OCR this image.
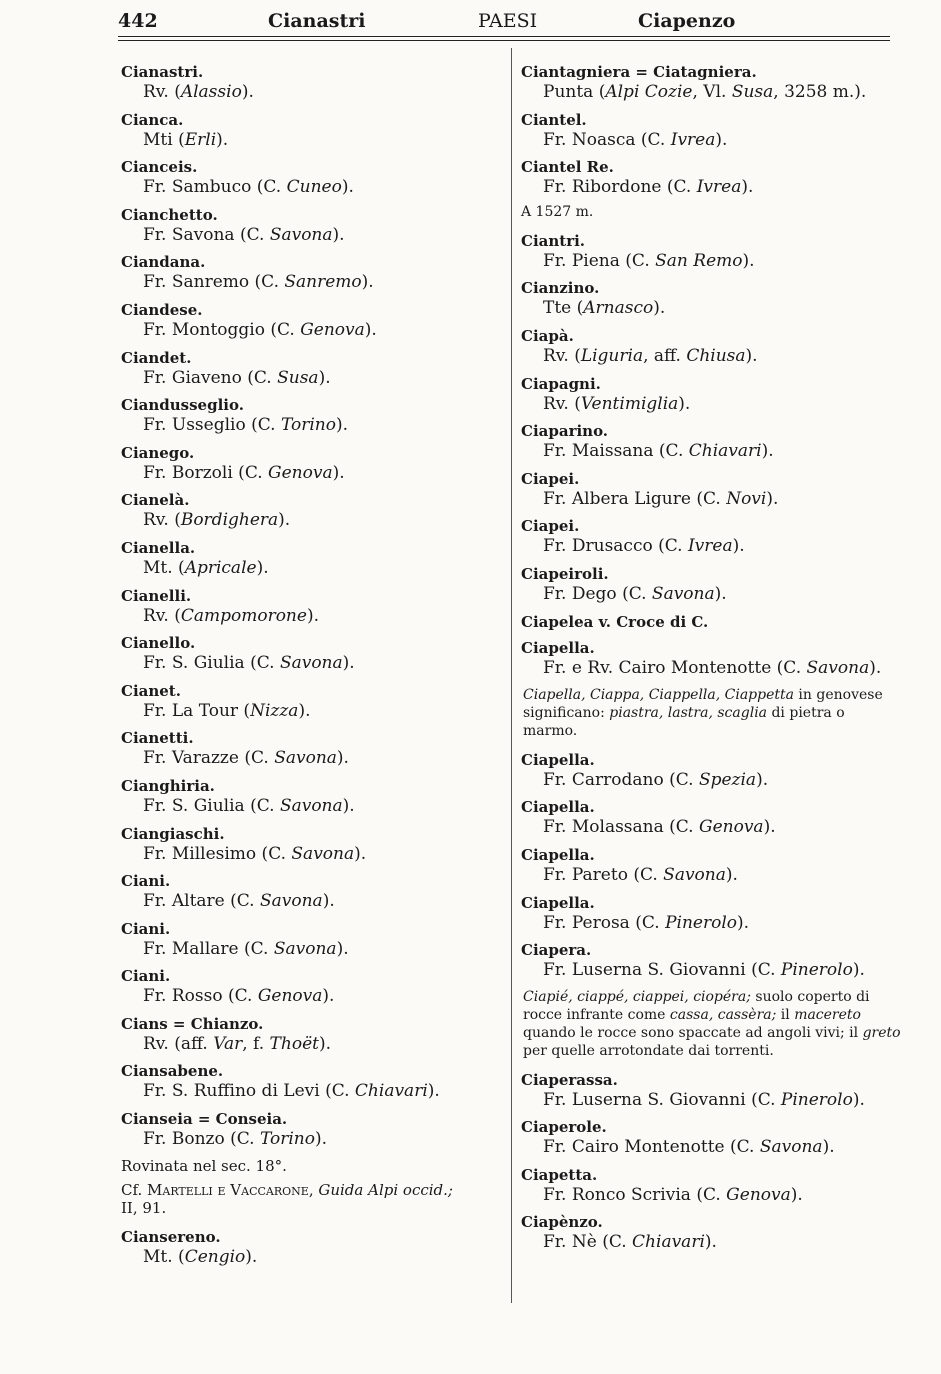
442	Cianastri	PAESI	Ciapenzo
Cianastri.
Rv. (Alassio).
Cianca.
Mti (Erli).
Cianceis.
Fr. Sambuco (C. Cuneo).
Cianchetto.
Fr. Savona (C. Savona).
Ciandana.
Fr. Sanremo (C. Sanremo).
Ciandese.
Fr. Montoggio (C. Genova).
Ciandet.
Fr. Giaveno (C. Susa).
Ciandusseglio.
Fr. Usseglio (C. Torino).
Cianego.
Fr. Borzoli (C. Genova).
Cianelà.
Rv. (Bordighera).
Cianella.
Mt. (Apricale).
Cianelli.
Rv. (Campomorone).
Cianello.
Fr. S. Giulia (C. Savona).
Cianet.
Fr. La Tour (Nizza).
Cianetti.
Fr. Varazze (C. Savona).
Cianghiria.
Fr. S. Giulia (C. Savona).
Ciangiaschi.
Fr. Millesimo (C. Savona).
Ciani.
Fr. Altare (C. Savona).
Ciani.
Fr. Mallare (C. Savona).
Ciani.
Fr. Rosso (C. Genova).
Cians = Chianzo.
Rv. (aff. Var, f. Thoët).
Ciansabene.
Fr. S. Ruffino di Levi (C. Chiavari).
Cianseia = Conseia.
Fr. Bonzo (C. Torino).
Rovinata nel sec. 18°.
Cf. Martelli e Vaccarone, Guida Alpi occid.;
II, 91.
Ciansereno.
Mt. (Cengio).
Ciantagniera = Ciatagniera.
Punta (Alpi Cozie, Vl. Susa, 3258 m.).
Ciantel.
Fr. Noasca (C. Ivrea).
Ciantel Re.
Fr. Ribordone (C. Ivrea).
A 1527 m.
Ciantri.
Fr. Piena (C. San Remo).
Cianzino.
Tte (Arnasco).
Ciapà.
Rv. (Liguria, aff. Chiusa).
Ciapagni.
Rv. (Ventimiglia).
Ciaparino.
Fr. Maissana (C. Chiavari).
Ciapei.
Fr. Albera Ligure (C. Novi).
Ciapei.
Fr. Drusacco (C. Ivrea).
Ciapeiroli.
Fr. Dego (C. Savona).
Ciapelea v. Croce di C.
Ciapella.
Fr. e Rv. Cairo Montenotte (C. Savona).
Ciapella, Ciappa, Ciappella, Ciappetta in genovese significano: piastra, lastra, scaglia di pietra o marmo.
Ciapella.
Fr. Carrodano (C. Spezia).
Ciapella.
Fr. Molassana (C. Genova).
Ciapella.
Fr. Pareto (C. Savona).
Ciapella.
Fr. Perosa (C. Pinerolo).
Ciapera.
Fr. Luserna S. Giovanni (C. Pinerolo).
Ciapié, ciappé, ciappei, ciopéra; suolo coperto di rocce infrante come cassa, cassèra; il macereto quando le rocce sono spaccate ad angoli vivi; il greto per quelle arrotondate dai torrenti.
Ciaperassa.
Fr. Luserna S. Giovanni (C. Pinerolo).
Ciaperole.
Fr. Cairo Montenotte (C. Savona).
Ciapetta.
Fr. Ronco Scrivia (C. Genova).
Ciapènzo.
Fr. Nè (C. Chiavari).
